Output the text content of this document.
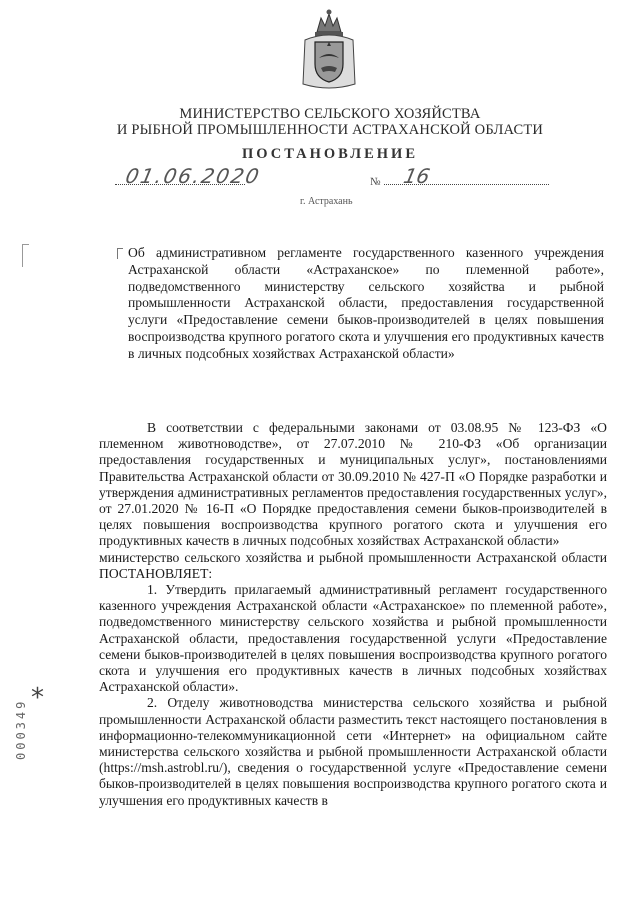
МИНИСТЕРСТВО СЕЛЬСКОГО ХОЗЯЙСТВА
И РЫБНОЙ ПРОМЫШЛЕННОСТИ АСТРАХАНСКОЙ ОБЛАСТИ
ПОСТАНОВЛЕНИЕ
01.06.2020	№ 16
г. Астрахань
Об административном регламенте государственного казенного учреждения Астраханской области «Астраханское» по племенной работе», подведомственного министерству сельского хозяйства и рыбной промышленности Астраханской области, предоставления государственной услуги «Предоставление семени быков-производителей в целях повышения воспроизводства крупного рогатого скота и улучшения его продуктивных качеств в личных подсобных хозяйствах Астраханской области»

В соответствии с федеральными законами от 03.08.95 № 123-ФЗ «О племенном животноводстве», от 27.07.2010 № 210-ФЗ «Об организации предоставления государственных и муниципальных услуг», постановлениями Правительства Астраханской области от 30.09.2010 № 427-П «О Порядке разработки и утверждения административных регламентов предоставления государственных услуг», от 27.01.2020 № 16-П «О Порядке предоставления семени быков-производителей в целях повышения воспроизводства крупного рогатого скота и улучшения его продуктивных качеств в личных подсобных хозяйствах Астраханской области»

министерство сельского хозяйства и рыбной промышленности Астраханской области ПОСТАНОВЛЯЕТ:

1. Утвердить прилагаемый административный регламент государственного казенного учреждения Астраханской области «Астраханское» по племенной работе», подведомственного министерству сельского хозяйства и рыбной промышленности Астраханской области, предоставления государственной услуги «Предоставление семени быков-производителей в целях повышения воспроизводства крупного рогатого скота и улучшения его продуктивных качеств в личных подсобных хозяйствах Астраханской области».

2. Отделу животноводства министерства сельского хозяйства и рыбной промышленности Астраханской области разместить текст настоящего постановления в информационно-телекоммуникационной сети «Интернет» на официальном сайте министерства сельского хозяйства и рыбной промышленности Астраханской области (https://msh.astrobl.ru/), сведения о государственной услуге «Предоставление семени быков-производителей в целях повышения воспроизводства крупного рогатого скота и улучшения его продуктивных качеств в

*
000349
